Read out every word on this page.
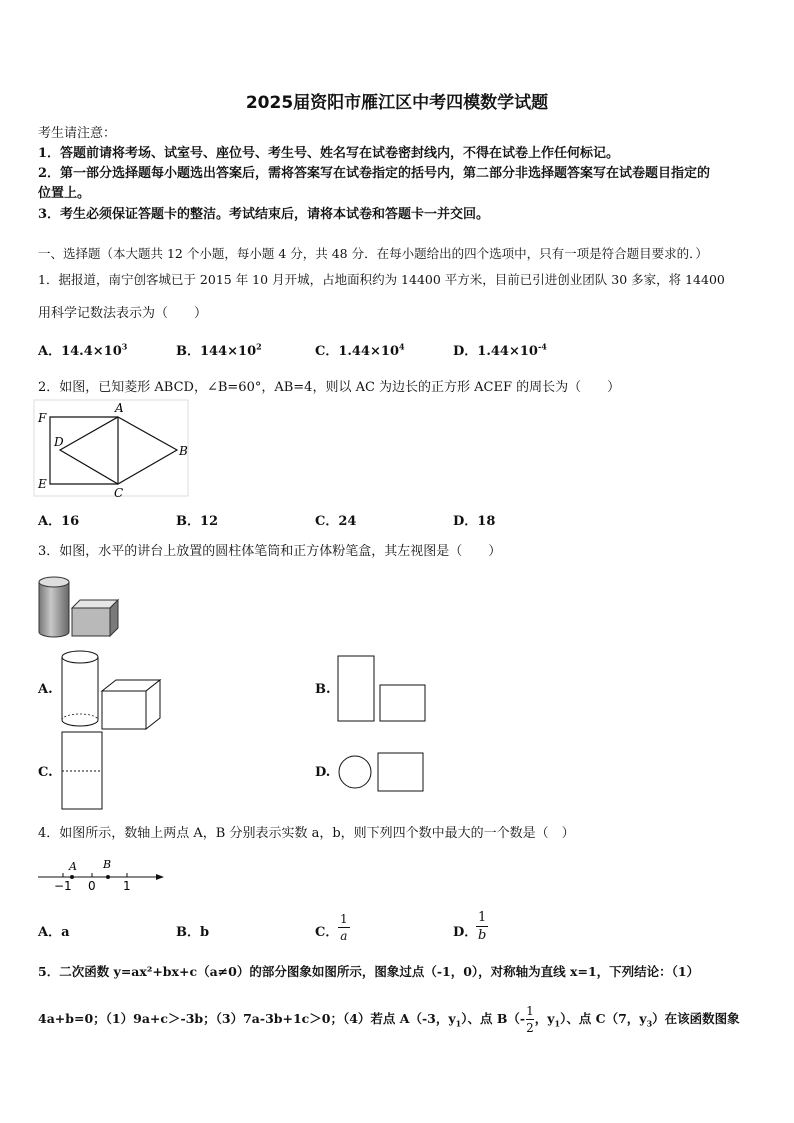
2025届资阳市雁江区中考四模数学试题
考生请注意：
1．答题前请将考场、试室号、座位号、考生号、姓名写在试卷密封线内，不得在试卷上作任何标记。
2．第一部分选择题每小题选出答案后，需将答案写在试卷指定的括号内，第二部分非选择题答案写在试卷题目指定的
位置上。
3．考生必须保证答题卡的整洁。考试结束后，请将本试卷和答题卡一并交回。
一、选择题（本大题共 12 个小题，每小题 4 分，共 48 分．在每小题给出的四个选项中，只有一项是符合题目要求的．）
1．据报道，南宁创客城已于 2015 年 10 月开城，占地面积约为 14400 平方米，目前已引进创业团队 30 多家，将 14400
用科学记数法表示为（　　）
A．$14.4\times 10^3$	B．$144\times 10^2$	C．$1.44\times 10^4$	D．$1.44\times 10^{-4}$
2．如图，已知菱形 ABCD，∠B=60°，AB=4，则以 AC 为边长的正方形 ACEF 的周长为（　　）
F
A
D
B
E
C
A．16	B．12	C．24	D．18
3．如图，水平的讲台上放置的圆柱体笔筒和正方体粉笔盒，其左视图是（　　）
A.	B.
C.	D.
4．如图所示，数轴上两点 A，B 分别表示实数 a，b，则下列四个数中最大的一个数是（　）
A B
−1 0 1
A．a	B．b	C．
1
a	D．
1
b
5．二次函数 y=ax²+bx+c（a≠0）的部分图象如图所示，图象过点（-1，0），对称轴为直线 x=1，下列结论：（1）
4a+b=0；（1）9a+c＞-3b；（3）7a-3b+1c＞0；（4）若点 A（-3，$y_1$）、点 $B(- \frac{1}{2}$ ，$y_1$）、点 C（7，$y_3$）在该函数图象
